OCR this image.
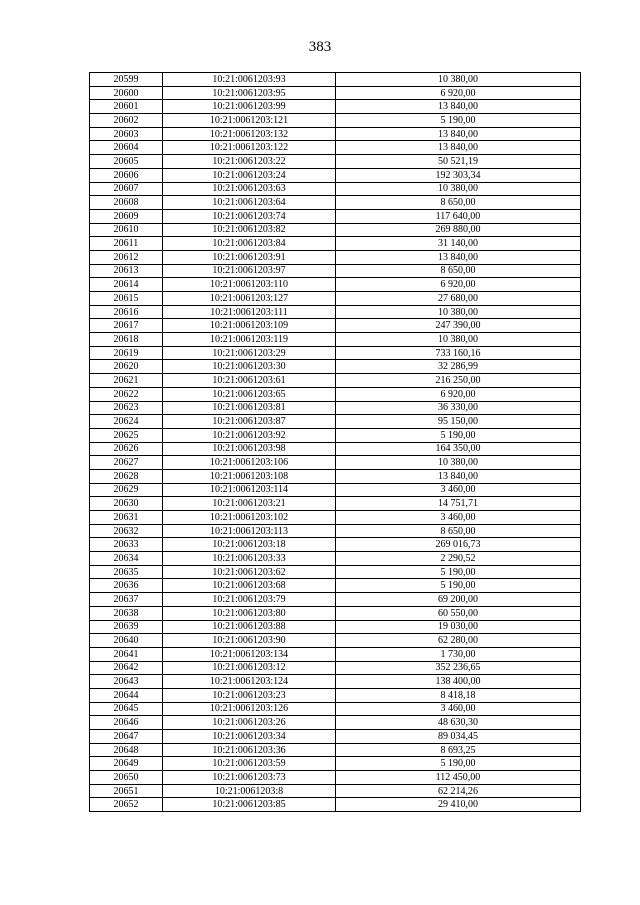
383
20599	10:21:0061203:93	10 380,00
20600	10:21:0061203:95	6 920,00
20601	10:21:0061203:99	13 840,00
20602	10:21:0061203:121	5 190,00
20603	10:21:0061203:132	13 840,00
20604	10:21:0061203:122	13 840,00
20605	10:21:0061203:22	50 521,19
20606	10:21:0061203:24	192 303,34
20607	10:21:0061203:63	10 380,00
20608	10:21:0061203:64	8 650,00
20609	10:21:0061203:74	117 640,00
20610	10:21:0061203:82	269 880,00
20611	10:21:0061203:84	31 140,00
20612	10:21:0061203:91	13 840,00
20613	10:21:0061203:97	8 650,00
20614	10:21:0061203:110	6 920,00
20615	10:21:0061203:127	27 680,00
20616	10:21:0061203:111	10 380,00
20617	10:21:0061203:109	247 390,00
20618	10:21:0061203:119	10 380,00
20619	10:21:0061203:29	733 160,16
20620	10:21:0061203:30	32 286,99
20621	10:21:0061203:61	216 250,00
20622	10:21:0061203:65	6 920,00
20623	10:21:0061203:81	36 330,00
20624	10:21:0061203:87	95 150,00
20625	10:21:0061203:92	5 190,00
20626	10:21:0061203:98	164 350,00
20627	10:21:0061203:106	10 380,00
20628	10:21:0061203:108	13 840,00
20629	10:21:0061203:114	3 460,00
20630	10:21:0061203:21	14 751,71
20631	10:21:0061203:102	3 460,00
20632	10:21:0061203:113	8 650,00
20633	10:21:0061203:18	269 016,73
20634	10:21:0061203:33	2 290,52
20635	10:21:0061203:62	5 190,00
20636	10:21:0061203:68	5 190,00
20637	10:21:0061203:79	69 200,00
20638	10:21:0061203:80	60 550,00
20639	10:21:0061203:88	19 030,00
20640	10:21:0061203:90	62 280,00
20641	10:21:0061203:134	1 730,00
20642	10:21:0061203:12	352 236,65
20643	10:21:0061203:124	138 400,00
20644	10:21:0061203:23	8 418,18
20645	10:21:0061203:126	3 460,00
20646	10:21:0061203:26	48 630,30
20647	10:21:0061203:34	89 034,45
20648	10:21:0061203:36	8 693,25
20649	10:21:0061203:59	5 190,00
20650	10:21:0061203:73	112 450,00
20651	10:21:0061203:8	62 214,26
20652	10:21:0061203:85	29 410,00
